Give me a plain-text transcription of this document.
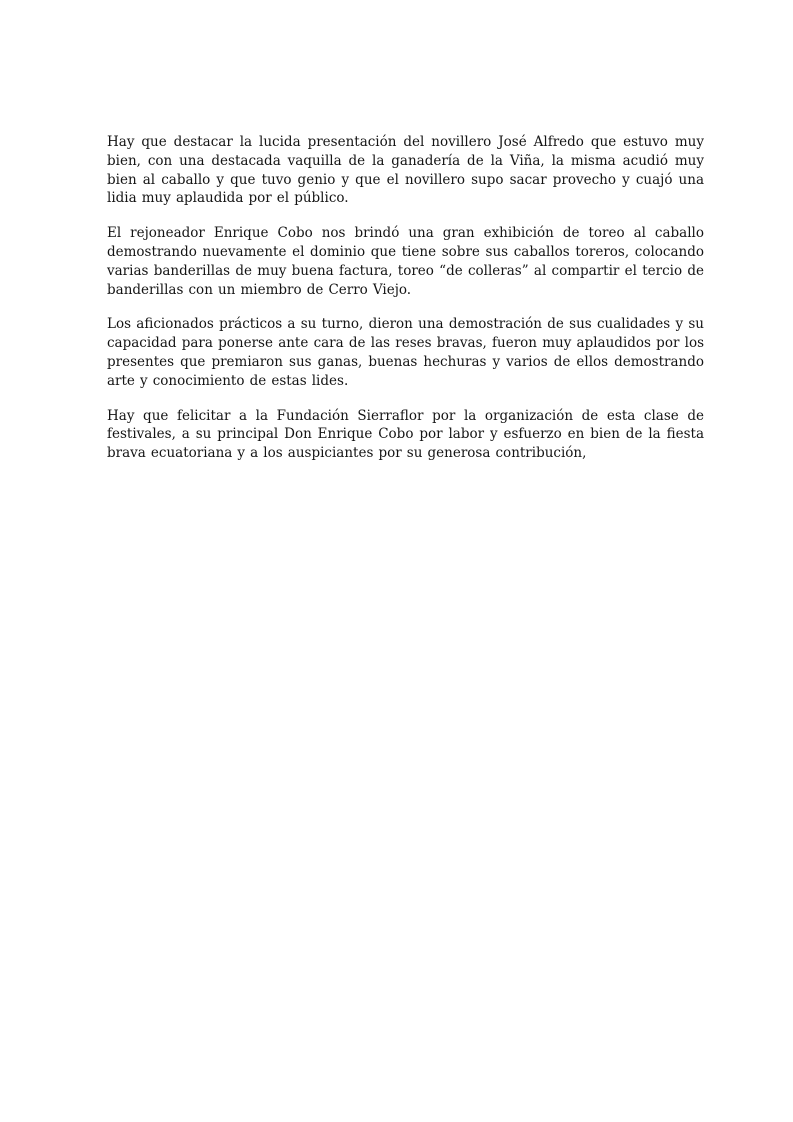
Hay que destacar la lucida presentación del novillero José Alfredo que estuvo muy bien, con una destacada vaquilla de la ganadería de la Viña, la misma acudió muy bien al caballo y que tuvo genio y que el novillero supo sacar provecho y cuajó una lidia muy aplaudida por el público.

El rejoneador Enrique Cobo nos brindó una gran exhibición de toreo al caballo demostrando nuevamente el dominio que tiene sobre sus caballos toreros, colocando varias banderillas de muy buena factura, toreo “de colleras” al compartir el tercio de banderillas con un miembro de Cerro Viejo.

Los aficionados prácticos a su turno, dieron una demostración de sus cualidades y su capacidad para ponerse ante cara de las reses bravas, fueron muy aplaudidos por los presentes que premiaron sus ganas, buenas hechuras y varios de ellos demostrando arte y conocimiento de estas lides.

Hay que felicitar a la Fundación Sierraflor por la organización de esta clase de festivales, a su principal Don Enrique Cobo por labor y esfuerzo en bien de la fiesta brava ecuatoriana y a los auspiciantes por su generosa contribución,
